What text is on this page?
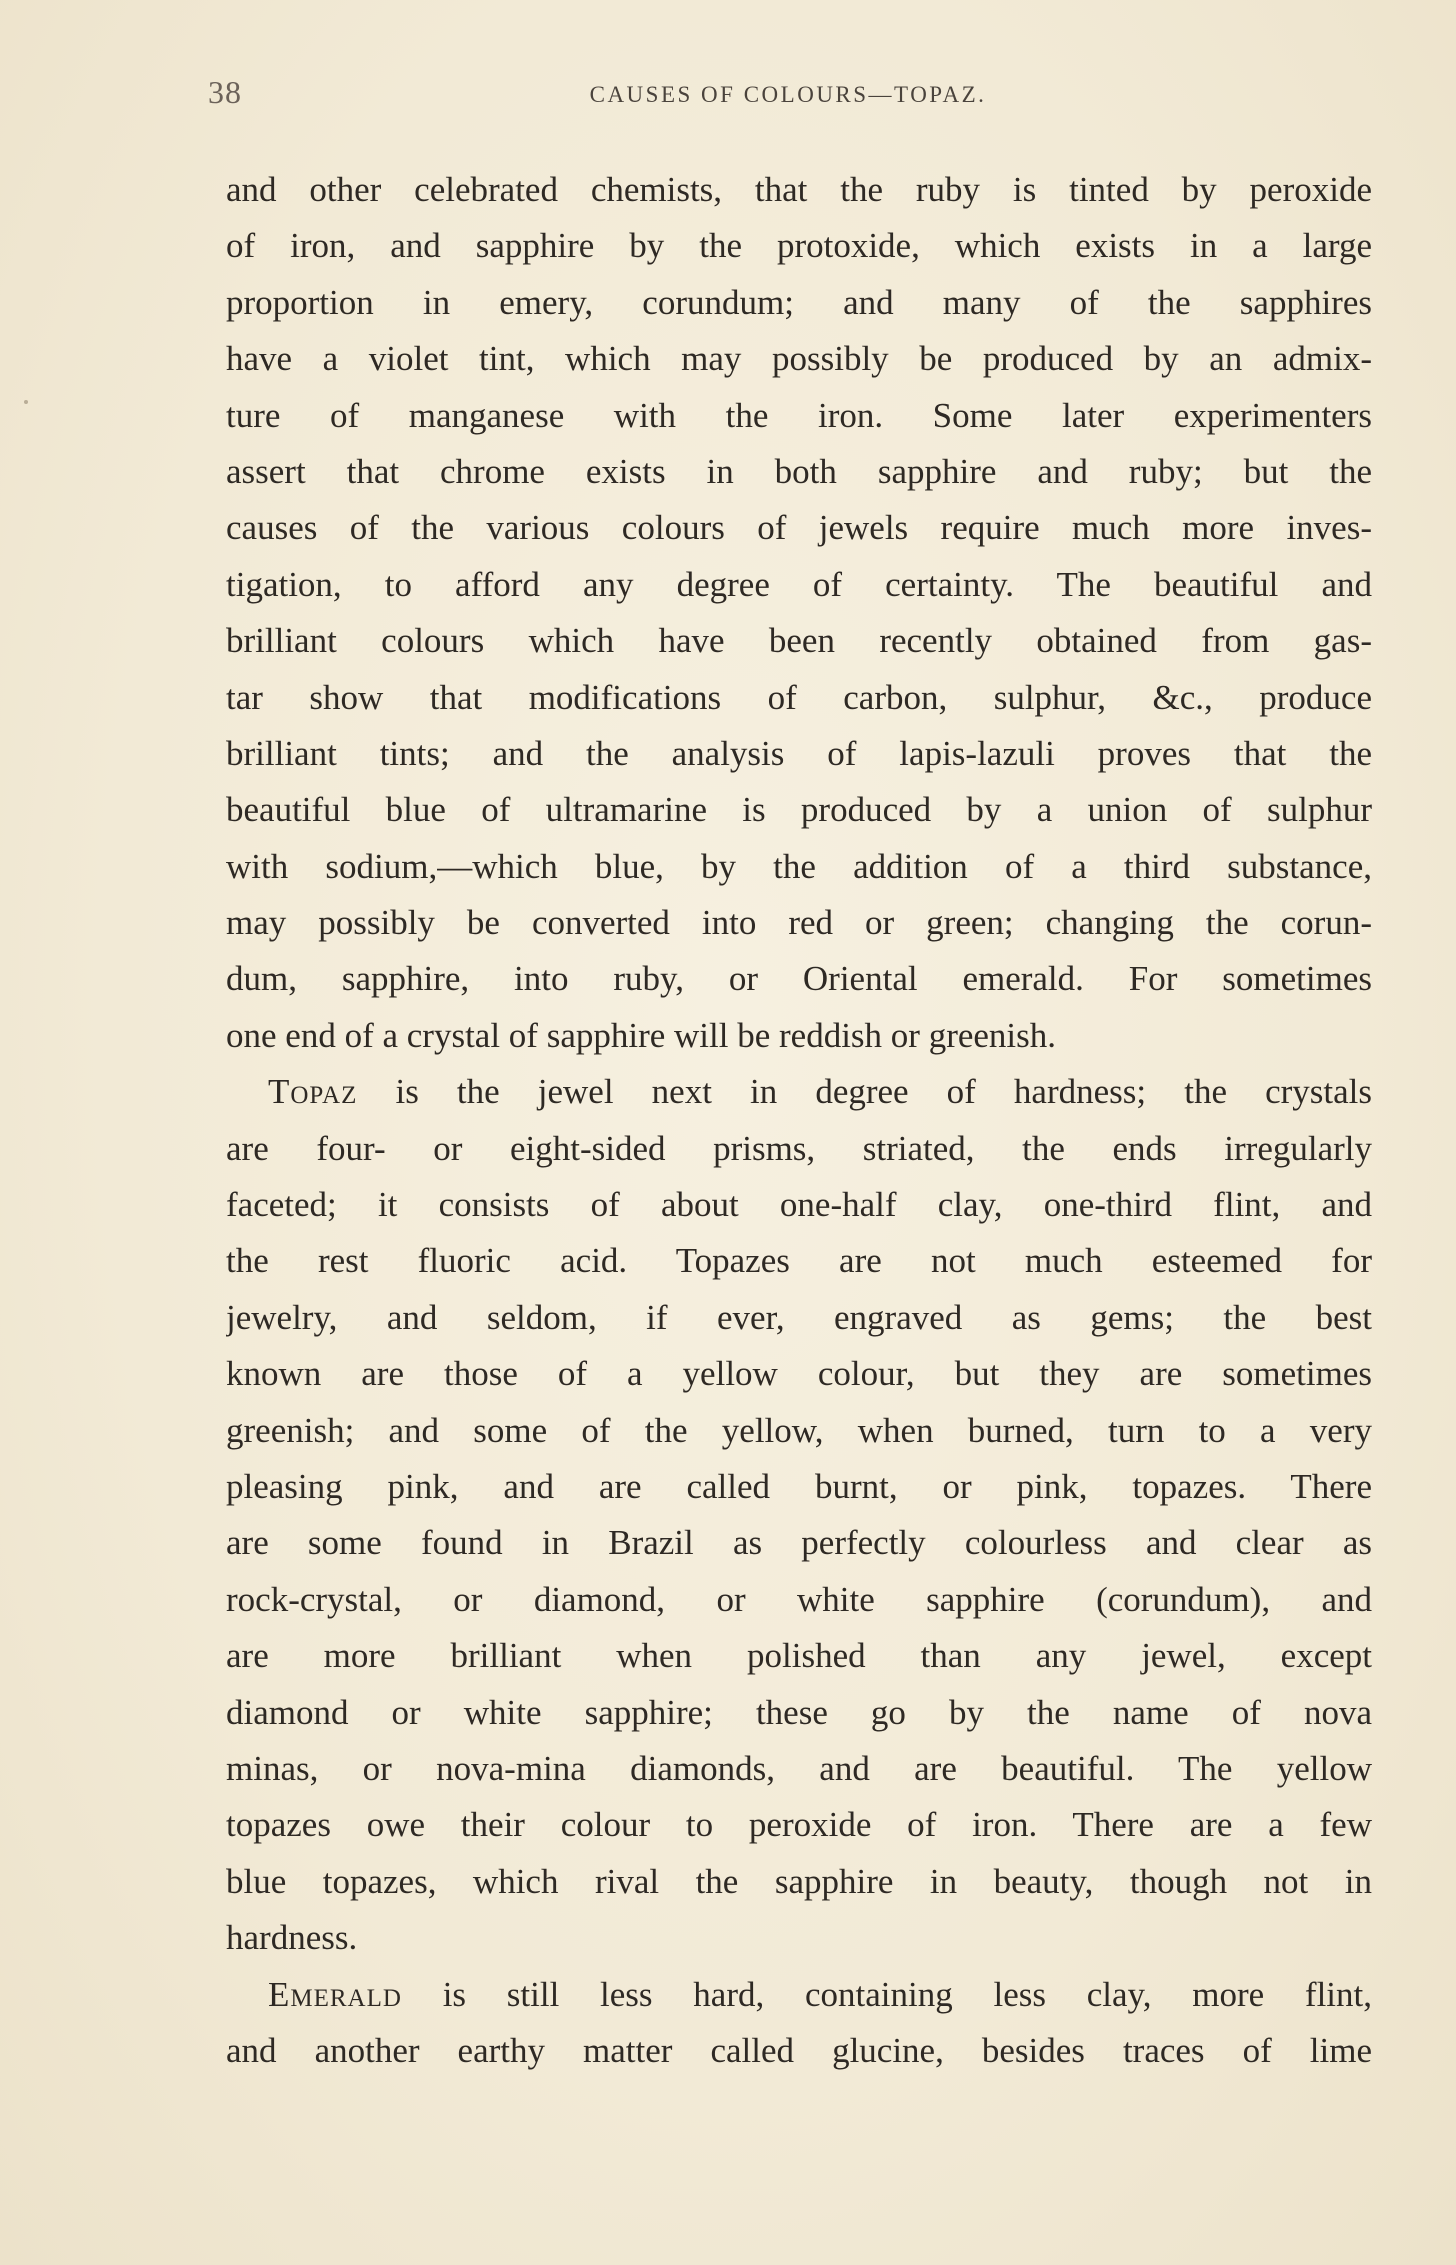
38	CAUSES OF COLOURS—TOPAZ.
and other celebrated chemists, that the ruby is tinted by peroxide
of iron, and sapphire by the protoxide, which exists in a large
proportion in emery, corundum; and many of the sapphires
have a violet tint, which may possibly be produced by an admix-
ture of manganese with the iron. Some later experimenters
assert that chrome exists in both sapphire and ruby; but the
causes of the various colours of jewels require much more inves-
tigation, to afford any degree of certainty. The beautiful and
brilliant colours which have been recently obtained from gas-
tar show that modifications of carbon, sulphur, &c., produce
brilliant tints; and the analysis of lapis-lazuli proves that the
beautiful blue of ultramarine is produced by a union of sulphur
with sodium,—which blue, by the addition of a third substance,
may possibly be converted into red or green; changing the corun-
dum, sapphire, into ruby, or Oriental emerald. For sometimes
one end of a crystal of sapphire will be reddish or greenish.
Topaz is the jewel next in degree of hardness; the crystals
are four- or eight-sided prisms, striated, the ends irregularly
faceted; it consists of about one-half clay, one-third flint, and
the rest fluoric acid. Topazes are not much esteemed for
jewelry, and seldom, if ever, engraved as gems; the best
known are those of a yellow colour, but they are sometimes
greenish; and some of the yellow, when burned, turn to a very
pleasing pink, and are called burnt, or pink, topazes. There
are some found in Brazil as perfectly colourless and clear as
rock-crystal, or diamond, or white sapphire (corundum), and
are more brilliant when polished than any jewel, except
diamond or white sapphire; these go by the name of nova
minas, or nova-mina diamonds, and are beautiful. The yellow
topazes owe their colour to peroxide of iron. There are a few
blue topazes, which rival the sapphire in beauty, though not in
hardness.
Emerald is still less hard, containing less clay, more flint,
and another earthy matter called glucine, besides traces of lime
